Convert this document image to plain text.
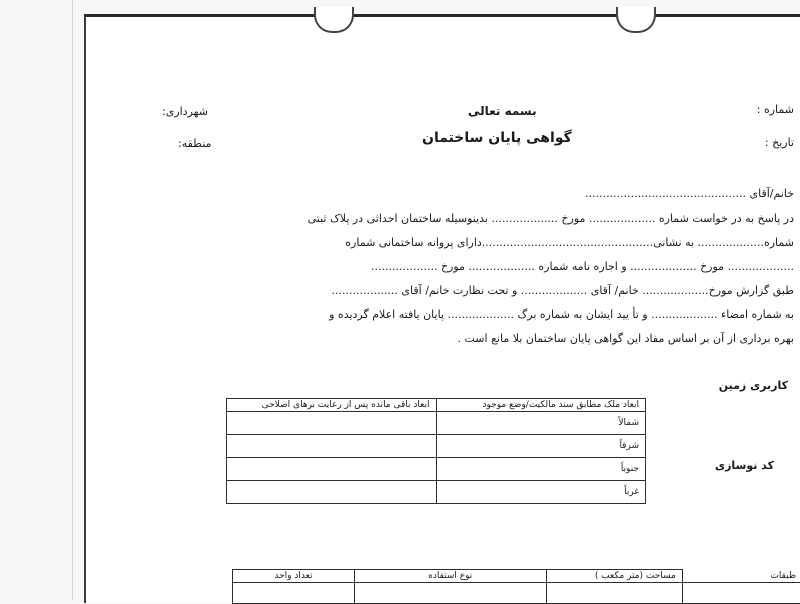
شماره :
تاریخ :
بسمه تعالی
گواهی پایان ساختمان
شهرداری:
منطقه:
خانم/آقای ..............................................
در پاسخ به در خواست شماره ................... مورخ ................... بدینوسیله ساختمان احداثی در پلاک ثبتی
شماره................... به نشانی.................................................دارای پروانه ساختمانی شماره
................... مورخ ................... و اجاره نامه شماره ................... مورخ ...................
طبق گزارش مورخ................... خانم/ آقای ................... و تحت نظارت خانم/ آقای ...................
به شماره امضاء ................... و تأ یید ایشان به شماره برگ ................... پایان یافته اعلام گردیده و
بهره برداری از آن بر اساس مفاد این گواهی پایان ساختمان بلا مانع است .
کاربری زمین
کد نوسازی
ابعاد ملک مطابق سند مالکیت/وضع موجود	ابعاد باقی مانده پس از رعایت برهای اصلاحی
شمالاً	
شرقاً	
جنوباً	
غرباً	
طبقات	مساحت (متر مکعب )	نوع استفاده	تعداد واحد
